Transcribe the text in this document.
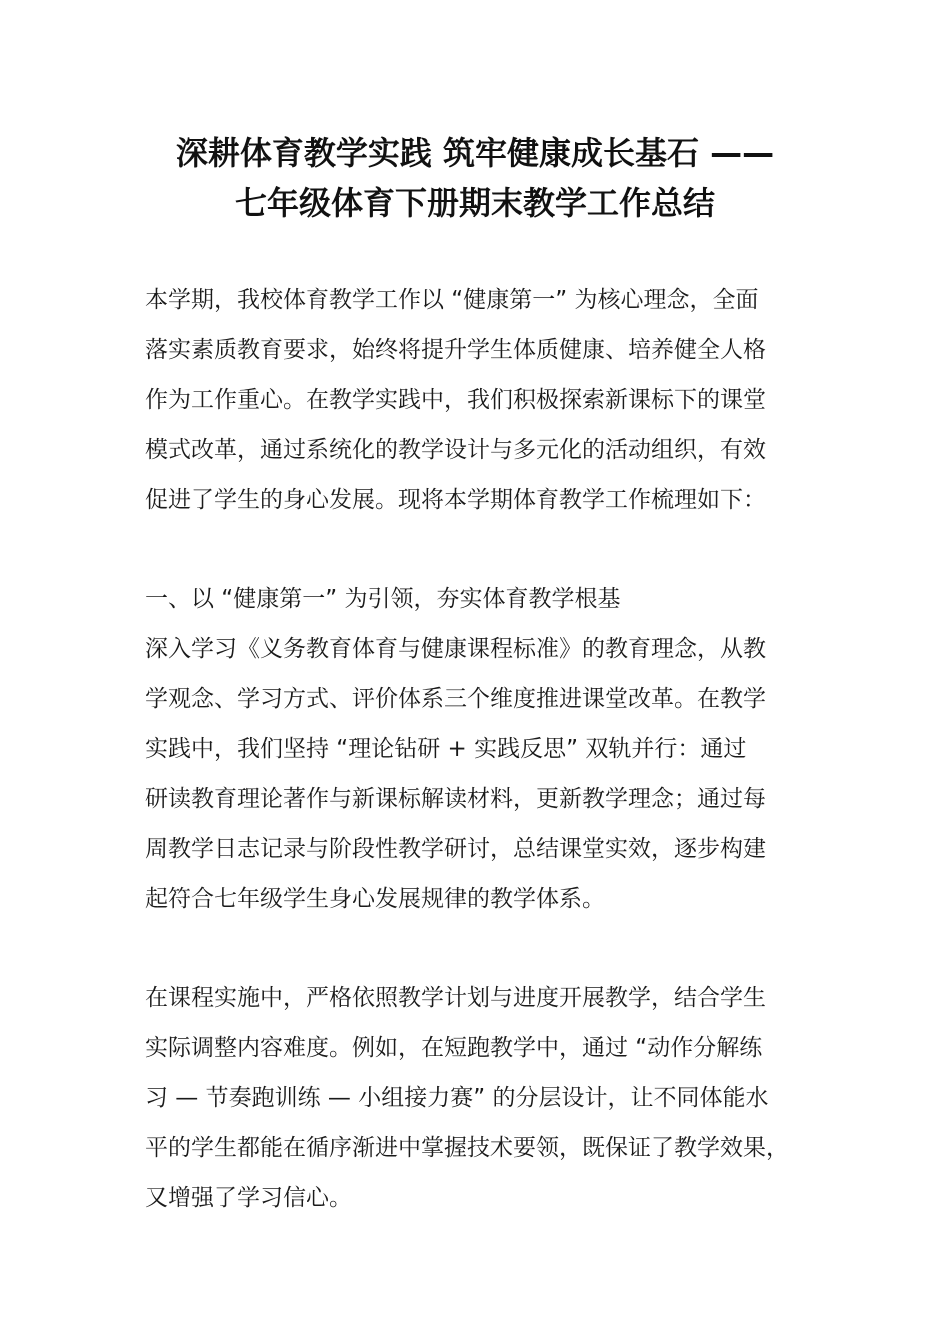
深耕体育教学实践 筑牢健康成长基石 ——
七年级体育下册期末教学工作总结
本学期，我校体育教学工作以 “健康第一” 为核心理念，全面
落实素质教育要求，始终将提升学生体质健康、培养健全人格
作为工作重心。在教学实践中，我们积极探索新课标下的课堂
模式改革，通过系统化的教学设计与多元化的活动组织，有效
促进了学生的身心发展。现将本学期体育教学工作梳理如下：
一、以 “健康第一” 为引领，夯实体育教学根基
深入学习《义务教育体育与健康课程标准》的教育理念，从教
学观念、学习方式、评价体系三个维度推进课堂改革。在教学
实践中，我们坚持 “理论钻研 + 实践反思” 双轨并行：通过
研读教育理论著作与新课标解读材料，更新教学理念；通过每
周教学日志记录与阶段性教学研讨，总结课堂实效，逐步构建
起符合七年级学生身心发展规律的教学体系。
在课程实施中，严格依照教学计划与进度开展教学，结合学生
实际调整内容难度。例如，在短跑教学中，通过 “动作分解练
习 — 节奏跑训练 — 小组接力赛” 的分层设计，让不同体能水
平的学生都能在循序渐进中掌握技术要领，既保证了教学效果，
又增强了学习信心。
